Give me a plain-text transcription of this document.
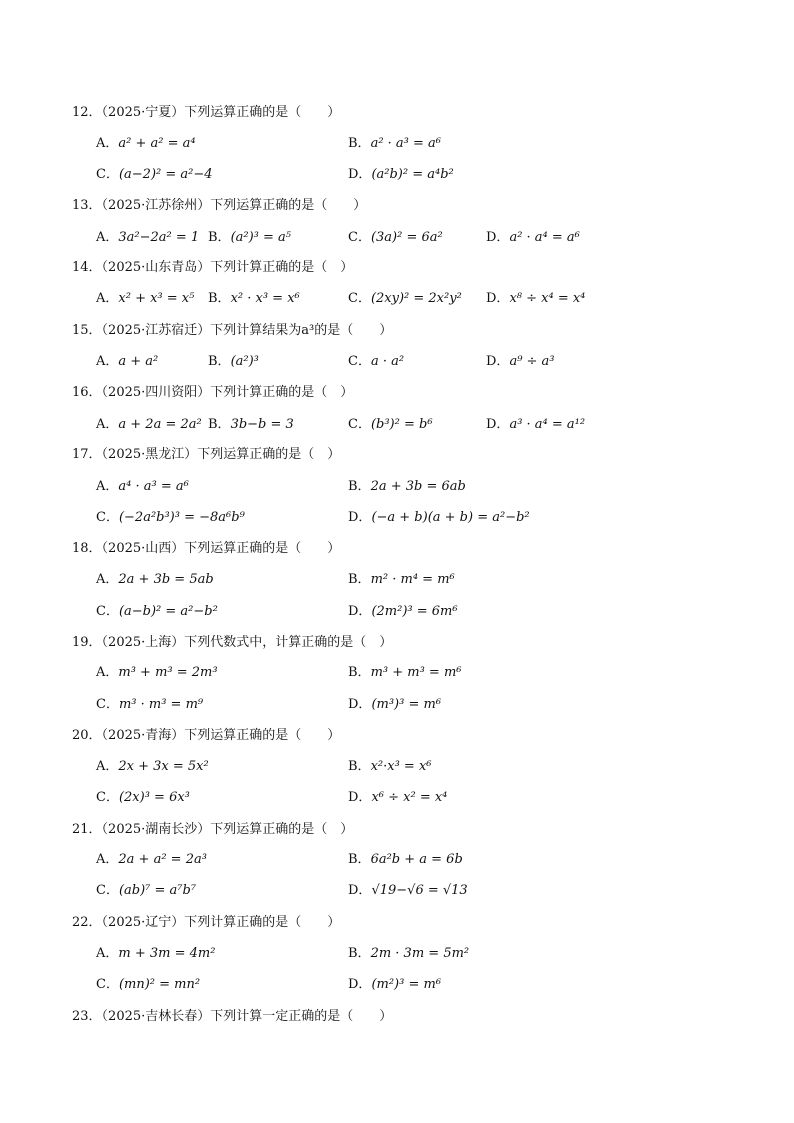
12．（2025·宁夏）下列运算正确的是（　　）
A．a² + a² = a⁴	B．a² · a³ = a⁶
C．(a−2)² = a²−4	D．(a²b)² = a⁴b²
13．（2025·江苏徐州）下列运算正确的是（　　）
A．3a²−2a² = 1 B．(a²)³ = a⁵	C．(3a)² = 6a²	D．a² · a⁴ = a⁶
14．（2025·山东青岛）下列计算正确的是（　）
A．x² + x³ = x⁵ B．x² · x³ = x⁶	C．(2xy)² = 2x²y² D．x⁸ ÷ x⁴ = x⁴
15．（2025·江苏宿迁）下列计算结果为a³的是（　　）
A．a + a²	B．(a²)³	C．a · a²	D．a⁹ ÷ a³
16．（2025·四川资阳）下列计算正确的是（　）
A．a + 2a = 2a² B．3b−b = 3	C．(b³)² = b⁶	D．a³ · a⁴ = a¹²
17．（2025·黑龙江）下列运算正确的是（　）
A．a⁴ · a³ = a⁶	B．2a + 3b = 6ab
C．(−2a²b³)³ = −8a⁶b⁹	D．(−a + b)(a + b) = a²−b²
18．（2025·山西）下列运算正确的是（　　）
A．2a + 3b = 5ab	B．m² · m⁴ = m⁶
C．(a−b)² = a²−b²	D．(2m²)³ = 6m⁶
19．（2025·上海）下列代数式中，计算正确的是（　）
A．m³ + m³ = 2m³	B．m³ + m³ = m⁶
C．m³ · m³ = m⁹	D．(m³)³ = m⁶
20．（2025·青海）下列运算正确的是（　　）
A．2x + 3x = 5x²	B．x²·x³ = x⁶
C．(2x)³ = 6x³	D．x⁶ ÷ x² = x⁴
21．（2025·湖南长沙）下列运算正确的是（　）
A．2a + a² = 2a³	B．6a²b + a = 6b
C．(ab)⁷ = a⁷b⁷	D．√19−√6 = √13
22．（2025·辽宁）下列计算正确的是（　　）
A．m + 3m = 4m²	B．2m · 3m = 5m²
C．(mn)² = mn²	D．(m²)³ = m⁶
23．（2025·吉林长春）下列计算一定正确的是（　　）
